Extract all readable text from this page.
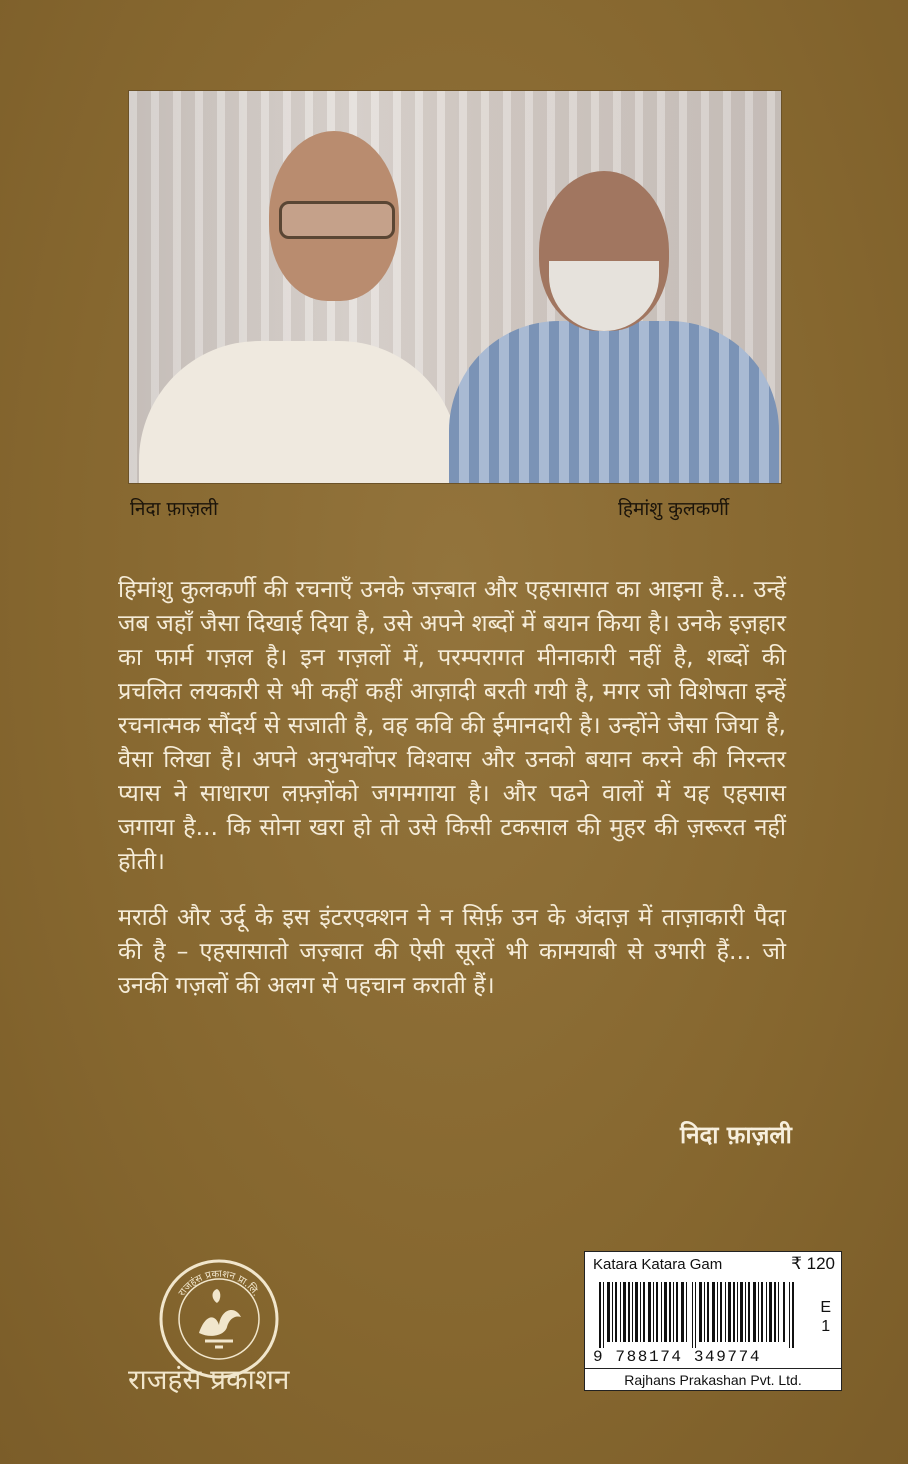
निदा फ़ाज़ली	हिमांशु कुलकर्णी

हिमांशु कुलकर्णी की रचनाएँ उनके जज़्बात और एहसासात का आइना है... उन्हें जब जहाँ जैसा दिखाई दिया है, उसे अपने शब्दों में बयान किया है। उनके इज़हार का फार्म गज़ल है। इन गज़लों में, परम्परागत मीनाकारी नहीं है, शब्दों की प्रचलित लयकारी से भी कहीं कहीं आज़ादी बरती गयी है, मगर जो विशेषता इन्हें रचनात्मक सौंदर्य से सजाती है, वह कवि की ईमानदारी है। उन्होंने जैसा जिया है, वैसा लिखा है। अपने अनुभवोंपर विश्वास और उनको बयान करने की निरन्तर प्यास ने साधारण लफ़्ज़ोंको जगमगाया है। और पढने वालों में यह एहसास जगाया है... कि सोना खरा हो तो उसे किसी टकसाल की मुहर की ज़रूरत नहीं होती।

मराठी और उर्दू के इस इंटरएक्शन ने न सिर्फ़ उन के अंदाज़ में ताज़ाकारी पैदा की है – एहसासातो जज़्बात की ऐसी सूरतें भी कामयाबी से उभारी हैं... जो उनकी गज़लों की अलग से पहचान कराती हैं।

निदा फ़ाज़ली
राजहंस प्रकाशन प्रा.लि.
राजहंस प्रकाशन
Katara Katara Gam	₹ 120
E
1
9 788174 349774
Rajhans Prakashan Pvt. Ltd.
